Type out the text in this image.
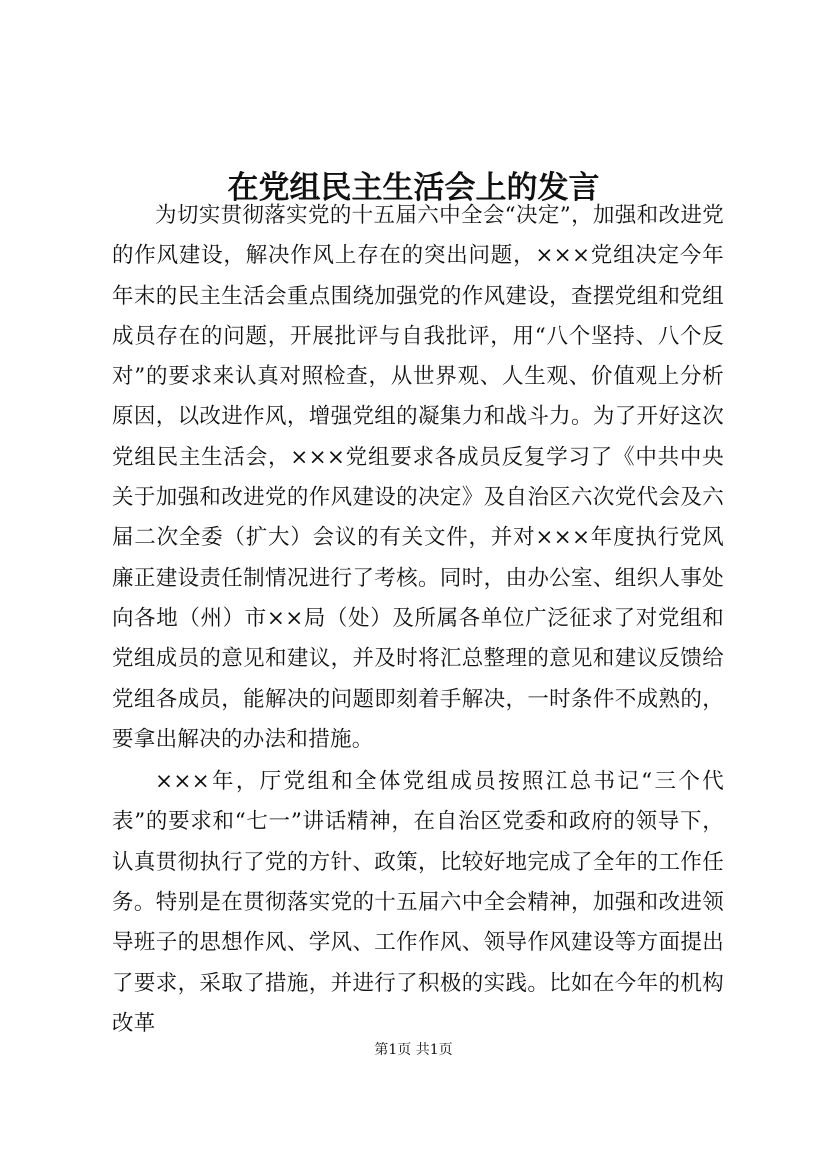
在党组民主生活会上的发言

为切实贯彻落实党的十五届六中全会“决定”，加强和改进党的作风建设，解决作风上存在的突出问题，×××党组决定今年年末的民主生活会重点围绕加强党的作风建设，查摆党组和党组成员存在的问题，开展批评与自我批评，用“八个坚持、八个反对”的要求来认真对照检查，从世界观、人生观、价值观上分析原因，以改进作风，增强党组的凝集力和战斗力。为了开好这次党组民主生活会，×××党组要求各成员反复学习了《中共中央关于加强和改进党的作风建设的决定》及自治区六次党代会及六届二次全委（扩大）会议的有关文件，并对×××年度执行党风廉正建设责任制情况进行了考核。同时，由办公室、组织人事处向各地（州）市××局（处）及所属各单位广泛征求了对党组和党组成员的意见和建议，并及时将汇总整理的意见和建议反馈给党组各成员，能解决的问题即刻着手解决，一时条件不成熟的，要拿出解决的办法和措施。

×××年，厅党组和全体党组成员按照江总书记“三个代表”的要求和“七一”讲话精神，在自治区党委和政府的领导下，认真贯彻执行了党的方针、政策，比较好地完成了全年的工作任务。特别是在贯彻落实党的十五届六中全会精神，加强和改进领导班子的思想作风、学风、工作作风、领导作风建设等方面提出了要求，采取了措施，并进行了积极的实践。比如在今年的机构改革

第1页 共1页
